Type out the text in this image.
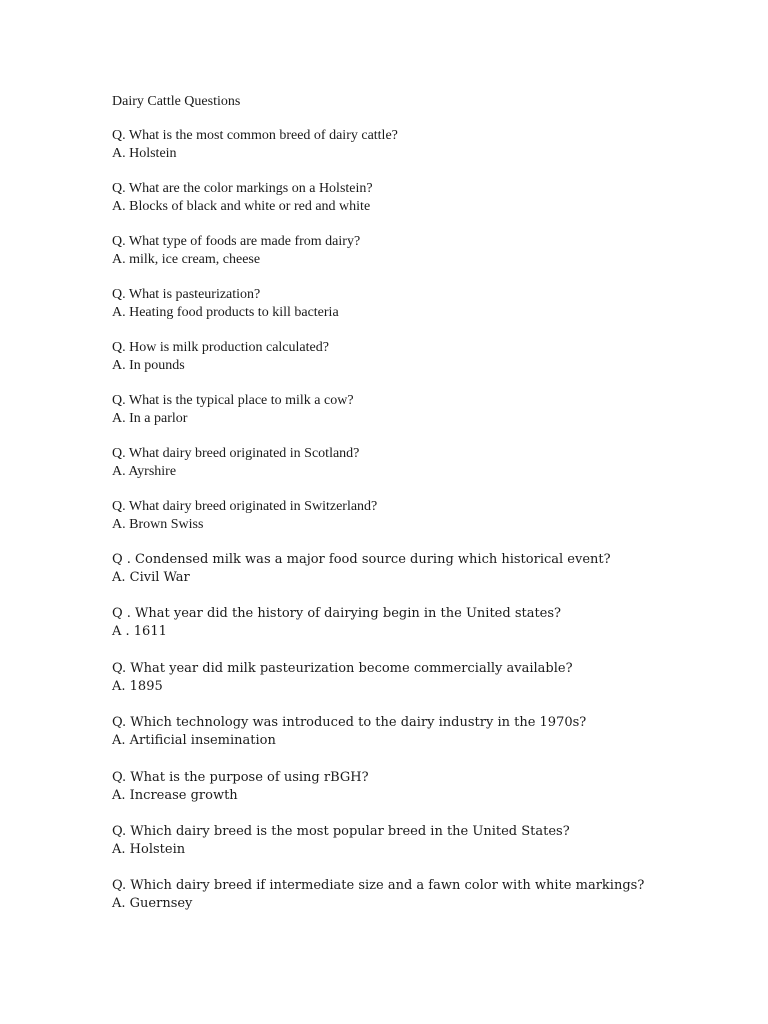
Dairy Cattle Questions
Q. What is the most common breed of dairy cattle?
A. Holstein
Q. What are the color markings on a Holstein?
A. Blocks of black and white or red and white
Q. What type of foods are made from dairy?
A. milk, ice cream, cheese
Q. What is pasteurization?
A. Heating food products to kill bacteria
Q. How is milk production calculated?
A. In pounds
Q. What is the typical place to milk a cow?
A. In a parlor
Q. What dairy breed originated in Scotland?
A. Ayrshire
Q. What dairy breed originated in Switzerland?
A. Brown Swiss
Q . Condensed milk was a major food source during which historical event?
A. Civil War
Q . What year did the history of dairying begin in the United states?
A . 1611
Q. What year did milk pasteurization become commercially available?
A. 1895
Q. Which technology was introduced to the dairy industry in the 1970s?
A. Artificial insemination
Q. What is the purpose of using rBGH?
A. Increase growth
Q. Which dairy breed is the most popular breed in the United States?
A. Holstein
Q. Which dairy breed if intermediate size and a fawn color with white markings?
A. Guernsey
